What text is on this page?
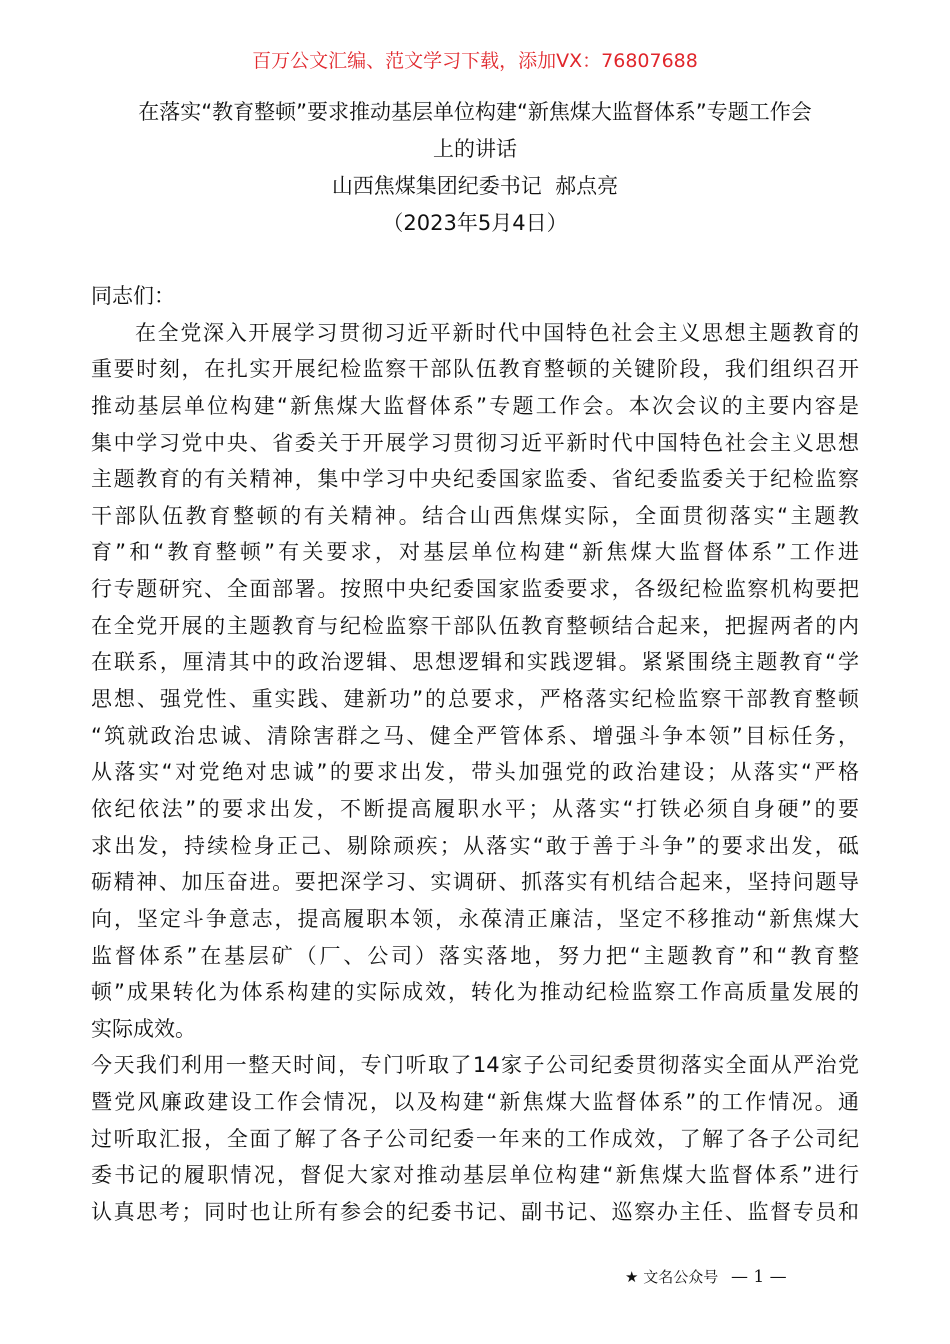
百万公文汇编、范文学习下载，添加VX：76807688
在落实“教育整顿”要求推动基层单位构建“新焦煤大监督体系”专题工作会
上的讲话
山西焦煤集团纪委书记  郝点亮
（2023年5月4日）
同志们：
在全党深入开展学习贯彻习近平新时代中国特色社会主义思想主题教育的
重要时刻，在扎实开展纪检监察干部队伍教育整顿的关键阶段，我们组织召开
推动基层单位构建“新焦煤大监督体系”专题工作会。本次会议的主要内容是
集中学习党中央、省委关于开展学习贯彻习近平新时代中国特色社会主义思想
主题教育的有关精神，集中学习中央纪委国家监委、省纪委监委关于纪检监察
干部队伍教育整顿的有关精神。结合山西焦煤实际，全面贯彻落实“主题教
育”和“教育整顿”有关要求，对基层单位构建“新焦煤大监督体系”工作进
行专题研究、全面部署。按照中央纪委国家监委要求，各级纪检监察机构要把
在全党开展的主题教育与纪检监察干部队伍教育整顿结合起来，把握两者的内
在联系，厘清其中的政治逻辑、思想逻辑和实践逻辑。紧紧围绕主题教育“学
思想、强党性、重实践、建新功”的总要求，严格落实纪检监察干部教育整顿
“筑就政治忠诚、清除害群之马、健全严管体系、增强斗争本领”目标任务，
从落实“对党绝对忠诚”的要求出发，带头加强党的政治建设；从落实“严格
依纪依法”的要求出发，不断提高履职水平；从落实“打铁必须自身硬”的要
求出发，持续检身正己、剔除顽疾；从落实“敢于善于斗争”的要求出发，砥
砺精神、加压奋进。要把深学习、实调研、抓落实有机结合起来，坚持问题导
向，坚定斗争意志，提高履职本领，永葆清正廉洁，坚定不移推动“新焦煤大
监督体系”在基层矿（厂、公司）落实落地，努力把“主题教育”和“教育整
顿”成果转化为体系构建的实际成效，转化为推动纪检监察工作高质量发展的
实际成效。
今天我们利用一整天时间，专门听取了14家子公司纪委贯彻落实全面从严治党
暨党风廉政建设工作会情况，以及构建“新焦煤大监督体系”的工作情况。通
过听取汇报，全面了解了各子公司纪委一年来的工作成效，了解了各子公司纪
委书记的履职情况，督促大家对推动基层单位构建“新焦煤大监督体系”进行
认真思考；同时也让所有参会的纪委书记、副书记、巡察办主任、监督专员和
★ 文名公众号 — 1 —
